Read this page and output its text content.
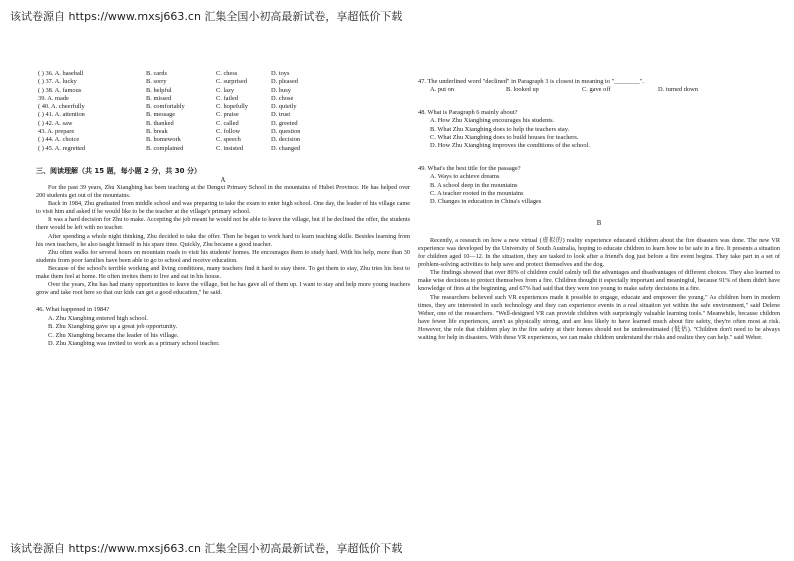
该试卷源自 https://www.mxsj663.cn 汇集全国小初高最新试卷，享超低价下载
( ) 36. A. baseball	B. cards	C. chess	D. toys
( ) 37. A. lucky	B. sorry	C. surprised	D. pleased
( ) 38. A. famous	B. helpful	C. lazy	D. busy
39. A. made	B. missed	C. failed	D. chose
( 40. A. cheerfully	B. comfortably	C. hopefully	D. quietly
( ) 41. A. attention	B. message	C. praise	D. trust
( ) 42. A. saw	B. thanked	C. called	D. greeted
43. A. prepare	B. break	C. follow	D. question
( ) 44. A. choice	B. homework	C. speech	D. decision
( ) 45. A. regretted	B. complained	C. insisted	D. changed
三、阅读理解（共 15 题，每小题 2 分，共 30 分）
A

For the past 39 years, Zhu Xiangbing has been teaching at the Dengxi Primary School in the mountains of Hubei Province. He has helped over 200 students get out of the mountains.

Back in 1984, Zhu graduated from middle school and was preparing to take the exam to enter high school. One day, the leader of his village came to visit him and asked if he would like to be the teacher at the village's primary school.

It was a hard decision for Zhu to make. Accepting the job meant he would not be able to leave the village, but if he declined the offer, the students there would be left with no teacher.

After spending a whole night thinking, Zhu decided to take the offer. Then he began to work hard to learn teaching skills. Besides learning from his own teachers, he also taught himself in his spare time. Quickly, Zhu became a good teacher.

Zhu often walks for several hours on mountain roads to visit his students' homes. He encourages them to study hard. With his help, more than 30 students from poor families have been able to go to school and receive education.

Because of the school's terrible working and living conditions, many teachers find it hard to stay there. To get them to stay, Zhu tries his best to make them feel at home. He often invites them to live and eat in his house.

Over the years, Zhu has had many opportunities to leave the village, but he has gave all of them up. I want to stay and help more young teachers grow and take root here so that our kids can get a good education," he said.

46. What happened in 1984?

A. Zhu Xiangbing entered high school.

B. Zhu Xiangbing gave up a great job opportunity.

C. Zhu Xiangbing became the leader of his village.

D. Zhu Xiangbing was invited to work as a primary school teacher.

47. The underlined word "declined" in Paragraph 3 is closest in meaning to "________".

A. put on	B. looked up	C. gave off	D. turned down

48. What is Paragraph 6 mainly about?

A. How Zhu Xiangbing encourages his students.

B. What Zhu Xiangbing does to help the teachers stay.

C. What Zhu Xiangbing does to build houses for teachers.

D. How Zhu Xiangbing improves the conditions of the school.

49. What's the best title for the passage?

A. Ways to achieve dreams

B. A school deep in the mountains

C. A teacher rooted in the mountains

D. Changes in education in China's villages

B

Recently, a research on how a new virtual (虚拟的) reality experience educated children about the fire disasters was done. The new VR experience was developed by the University of South Australia, hoping to educate children to learn how to be safe in a fire. It presents a situation for children aged 10—12. In the situation, they are tasked to look after a friend's dog just before a fire event begins. They take part in a set of problem-solving activities to help save and protect themselves and the dog.

The findings showed that over 80% of children could calmly tell the advantages and disadvantages of different choices. They also learned to make wise decisions to protect themselves from a fire. Children thought it especially important and meaningful, because 91% of them didn't have knowledge of fires at the beginning, and 67% had said that they were too young to make safety decisions in a fire.

The researchers believed such VR experiences made it possible to engage, educate and empower the young." As children born in modern times, they are interested in such technology and they can experience events in a real situation yet within the safe environment," said Delene Weber, one of the researchers. "Well-designed VR can provide children with surprisingly valuable learning tools." Meanwhile, because children have fewer life experiences, aren't as physically strong, and are less likely to have learned much about fire safety, they're often most at risk. However, the role that children play in the fire safety at their homes should not be underestimated (低估). "Children don't need to be always waiting for help in disasters. With these VR experiences, we can make children understand the risks and realize they can help." said Weber.

该试卷源自 https://www.mxsj663.cn 汇集全国小初高最新试卷，享超低价下载
